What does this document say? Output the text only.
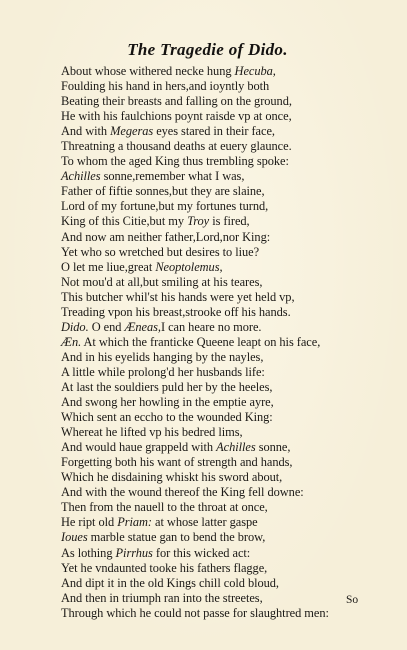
The Tragedie of Dido.
About whose withered necke hung Hecuba,
Foulding his hand in hers,and ioyntly both
Beating their breasts and falling on the ground,
He with his faulchions poynt raisde vp at once,
And with Megeras eyes stared in their face,
Threatning a thousand deaths at euery glaunce.
To whom the aged King thus trembling spoke:
Achilles sonne,remember what I was,
Father of fiftie sonnes,but they are slaine,
Lord of my fortune,but my fortunes turnd,
King of this Citie,but my Troy is fired,
And now am neither father,Lord,nor King:
Yet who so wretched but desires to liue?
O let me liue,great Neoptolemus,
Not mou'd at all,but smiling at his teares,
This butcher whil'st his hands were yet held vp,
Treading vpon his breast,strooke off his hands.
Dido. O end Æneas,I can heare no more.
Æn. At which the franticke Queene leapt on his face,
And in his eyelids hanging by the nayles,
A little while prolong'd her husbands life:
At last the souldiers puld her by the heeles,
And swong her howling in the emptie ayre,
Which sent an eccho to the wounded King:
Whereat he lifted vp his bedred lims,
And would haue grappeld with Achilles sonne,
Forgetting both his want of strength and hands,
Which he disdaining whiskt his sword about,
And with the wound thereof the King fell downe:
Then from the nauell to the throat at once,
He ript old Priam: at whose latter gaspe
Ioues marble statue gan to bend the brow,
As lothing Pirrhus for this wicked act:
Yet he vndaunted tooke his fathers flagge,
And dipt it in the old Kings chill cold bloud,
And then in triumph ran into the streetes,
Through which he could not passe for slaughtred men:

So
